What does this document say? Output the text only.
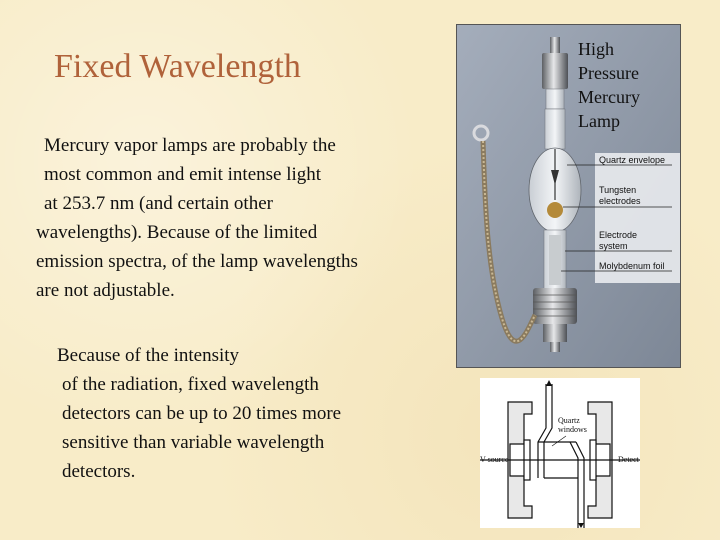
Fixed Wavelength

Mercury vapor lamps are probably the
most common and emit intense light
at 253.7 nm (and certain other
wavelengths). Because of the limited
emission spectra, of the lamp wavelengths
are not adjustable.

Because of the intensity
of the radiation, fixed wavelength
detectors can be up to 20 times more
sensitive than variable wavelength
detectors.

High
Pressure
Mercury
Lamp
Quartz envelope
Tungsten
electrodes
Electrode
system
Molybdenum foil
Quartz
windows
V source	Detect
